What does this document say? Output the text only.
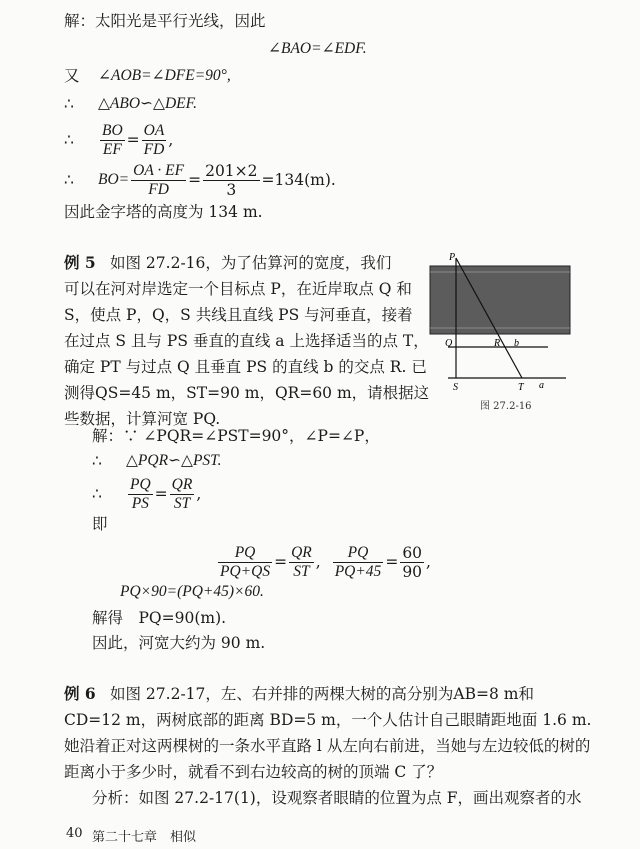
解：太阳光是平行光线，因此
∠BAO=∠EDF.
又 ∠AOB=∠DFE=90°,
∴ △ABO∽△DEF.
∴	$\frac{BO}{EF} = \frac{OA}{FD}$ ,
∴	$BO= \frac{OA \cdot EF}{FD} = \frac{201\times 2}{3} =134(m)$.
因此金字塔的高度为 134 m.
例 5 如图 27.2-16，为了估算河的宽度，我们
可以在河对岸选定一个目标点 P，在近岸取点 Q 和
S，使点 P，Q，S 共线且直线 PS 与河垂直，接着
在过点 S 且与 PS 垂直的直线 a 上选择适当的点 T，
确定 PT 与过点 Q 且垂直 PS 的直线 b 的交点 R. 已
测得QS=45 m，ST=90 m，QR=60 m，请根据这
些数据，计算河宽 PQ.
P
Q	R b
S	T a
图 27.2-16
解：∵ ∠PQR=∠PST=90°，∠P=∠P，
∴ △PQR∽△PST.
∴	$\frac{PQ}{PS} = \frac{QR}{ST}$ ,
即
$\frac{PQ}{PQ+QS} = \frac{QR}{ST}$ , $\frac{PQ}{PQ+45} = \frac{60}{90}$ ,
PQ×90=(PQ+45)×60.
解得　PQ=90(m).
因此，河宽大约为 90 m.
例 6 如图 27.2-17，左、右并排的两棵大树的高分别为AB=8 m和
CD=12 m，两树底部的距离 BD=5 m，一个人估计自己眼睛距地面 1.6 m.
她沿着正对这两棵树的一条水平直路 l 从左向右前进，当她与左边较低的树的
距离小于多少时，就看不到右边较高的树的顶端 C 了？
分析：如图 27.2-17(1)，设观察者眼睛的位置为点 F，画出观察者的水
40 第二十七章　相似
